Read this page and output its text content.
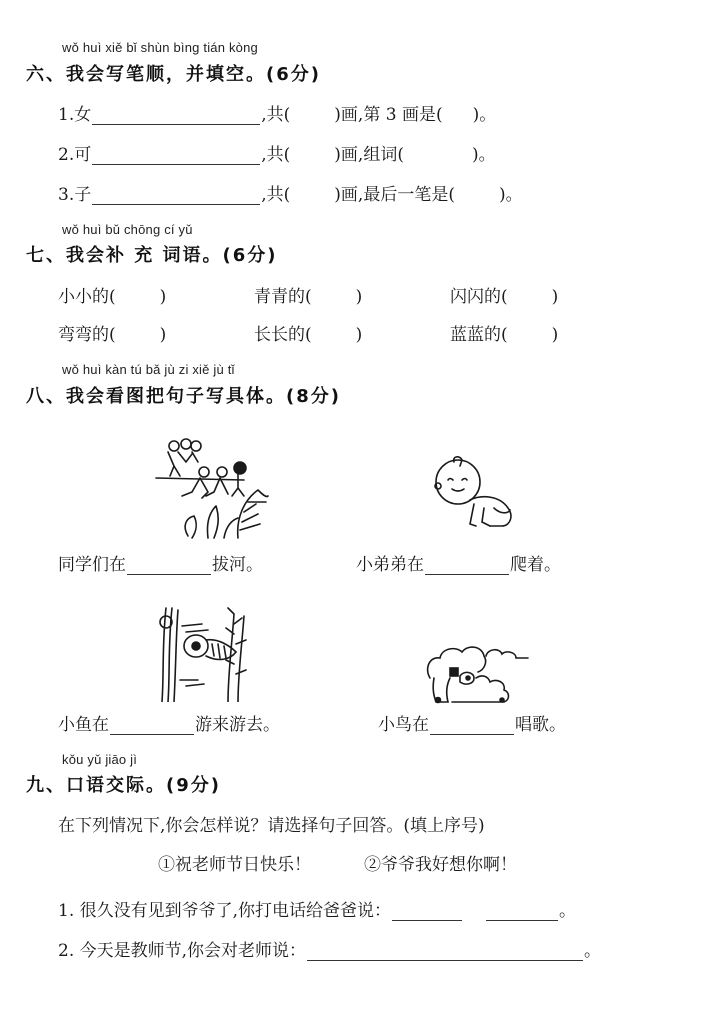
wǒ huì xiě bǐ shùn bìng tián kòng
六、我会写笔顺，并填空。(6分)
1. 女	,共(	)画,第 3 画是( )。
2. 可	,共(	)画,组词(	)。
3. 子	,共(	)画,最后一笔是(	)。
wǒ huì bǔ chōng cí yǔ
七、我会补 充 词语。(6分)
小小的(	)	青青的(	)	闪闪的(	)
弯弯的(	)	长长的(	)	蓝蓝的(	)
wǒ huì kàn tú bǎ jù zi xiě jù tǐ
八、我会看图把句子写具体。(8分)
同学们在	拔河。	小弟弟在	爬着。
小鱼在	游来游去。	小鸟在	唱歌。
kǒu yǔ jiāo jì
九、口语交际。(9分)
在下列情况下,你会怎样说？请选择句子回答。(填上序号)
①祝老师节日快乐！	②爷爷我好想你啊！
1. 很久没有见到爷爷了,你打电话给爸爸说：	。
2. 今天是教师节,你会对老师说：	。
